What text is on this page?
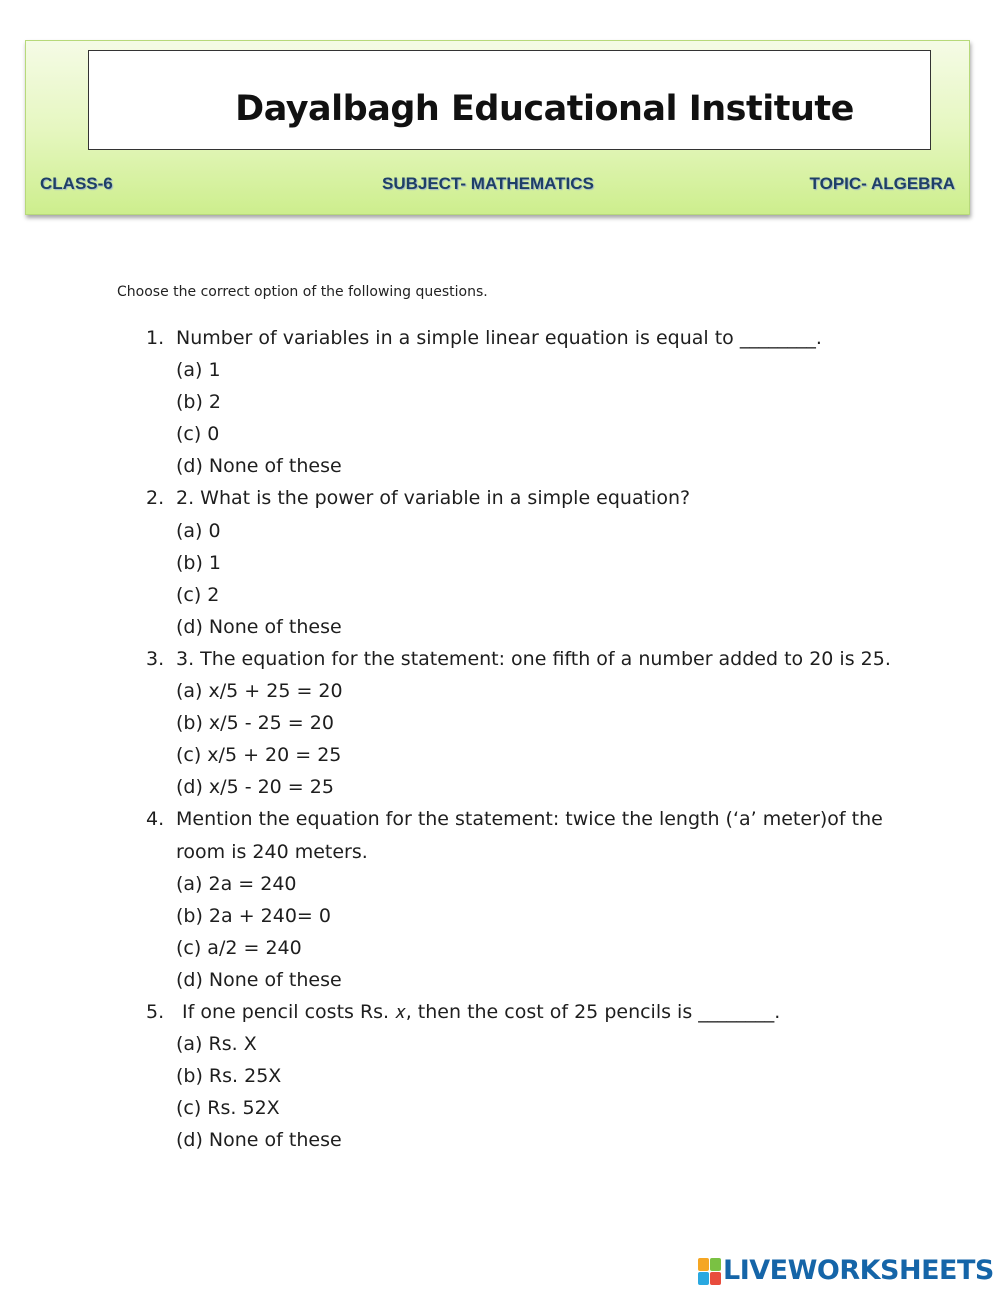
Dayalbagh Educational Institute
CLASS-6	SUBJECT- MATHEMATICS	TOPIC- ALGEBRA
Choose the correct option of the following questions.
1. Number of variables in a simple linear equation is equal to ________.
(a) 1
(b) 2
(c) 0
(d) None of these
2. 2. What is the power of variable in a simple equation?
(a) 0
(b) 1
(c) 2
(d) None of these
3. 3. The equation for the statement: one fifth of a number added to 20 is 25.
(a) x/5 + 25 = 20
(b) x/5 - 25 = 20
(c) x/5 + 20 = 25
(d) x/5 - 20 = 25
4. Mention the equation for the statement: twice the length (‘a’ meter)of the
room is 240 meters.
(a) 2a = 240
(b) 2a + 240= 0
(c) a/2 = 240
(d) None of these
5. If one pencil costs Rs. 𝑥, then the cost of 25 pencils is ________.
(a) Rs. X
(b) Rs. 25X
(c) Rs. 52X
(d) None of these
LIVEWORKSHEETS
